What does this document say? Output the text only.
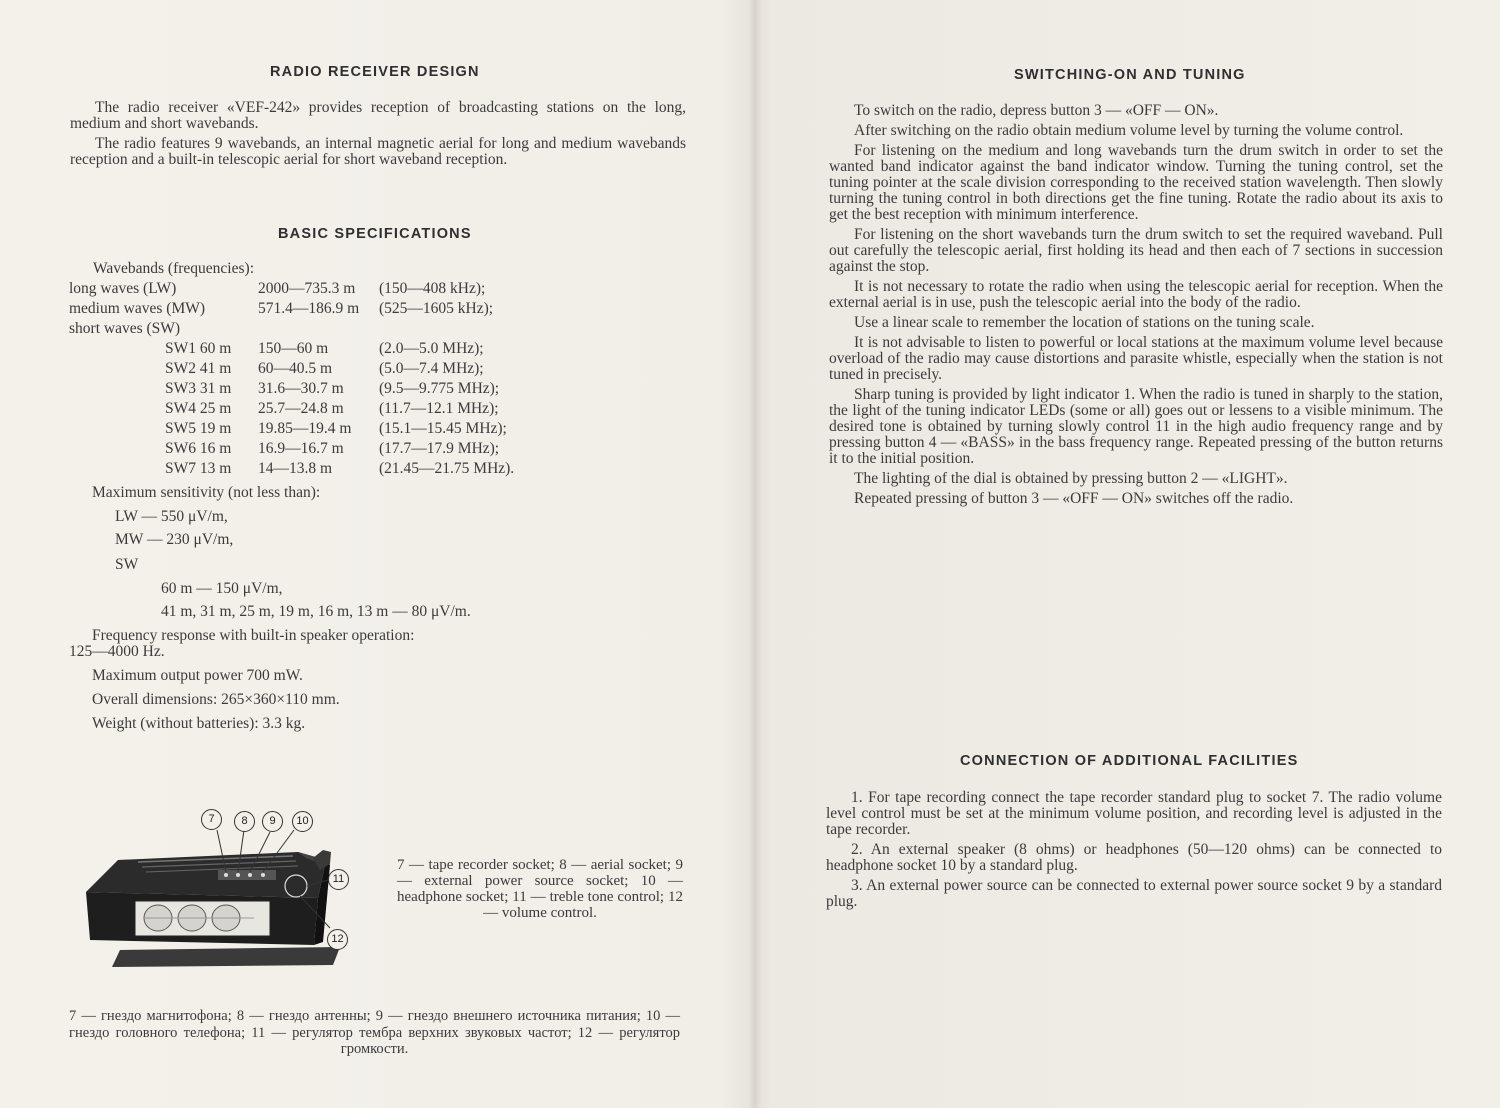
RADIO RECEIVER DESIGN

The radio receiver «VEF-242» provides reception of broadcasting stations on the long, medium and short wavebands.

The radio features 9 wavebands, an internal magnetic aerial for long and medium wavebands reception and a built-in telescopic aerial for short waveband reception.

BASIC SPECIFICATIONS
Wavebands (frequencies):
long waves (LW)	2000—735.3 m (150—408 kHz);
medium waves (MW)	571.4—186.9 m (525—1605 kHz);
short waves (SW)
SW1 60 m 150—60 m	(2.0—5.0 MHz);
SW2 41 m 60—40.5 m	(5.0—7.4 MHz);
SW3 31 m 31.6—30.7 m (9.5—9.775 MHz);
SW4 25 m 25.7—24.8 m (11.7—12.1 MHz);
SW5 19 m 19.85—19.4 m (15.1—15.45 MHz);
SW6 16 m 16.9—16.7 m (17.7—17.9 MHz);
SW7 13 m 14—13.8 m	(21.45—21.75 MHz).
Maximum sensitivity (not less than):
LW — 550 μV/m,
MW — 230 μV/m,
SW
60 m — 150 μV/m,
41 m, 31 m, 25 m, 19 m, 16 m, 13 m — 80 μV/m.
Frequency response with built-in speaker operation:
125—4000 Hz.
Maximum output power 700 mW.
Overall dimensions: 265×360×110 mm.
Weight (without batteries): 3.3 kg.
7	8	9	10
11
12
7 — tape recorder socket; 8 — aerial socket; 9 — external power source socket; 10 — headphone socket; 11 — treble tone control; 12 — volume control.
7 — гнездо магнитофона; 8 — гнездо антенны; 9 — гнездо внешнего источника питания; 10 — гнездо головного телефона; 11 — регулятор тембра верхних звуковых частот; 12 — регулятор громкости.
SWITCHING-ON AND TUNING

To switch on the radio, depress button 3 — «OFF — ON».

After switching on the radio obtain medium volume level by turning the volume control.

For listening on the medium and long wavebands turn the drum switch in order to set the wanted band indicator against the band indicator window. Turning the tuning control, set the tuning pointer at the scale division corresponding to the received station wavelength. Then slowly turning the tuning control in both directions get the fine tuning. Rotate the radio about its axis to get the best reception with minimum interference.

For listening on the short wavebands turn the drum switch to set the required waveband. Pull out carefully the telescopic aerial, first holding its head and then each of 7 sections in succession against the stop.

It is not necessary to rotate the radio when using the telescopic aerial for reception. When the external aerial is in use, push the telescopic aerial into the body of the radio.

Use a linear scale to remember the location of stations on the tuning scale.

It is not advisable to listen to powerful or local stations at the maximum volume level because overload of the radio may cause distortions and parasite whistle, especially when the station is not tuned in precisely.

Sharp tuning is provided by light indicator 1. When the radio is tuned in sharply to the station, the light of the tuning indicator LEDs (some or all) goes out or lessens to a visible minimum. The desired tone is obtained by turning slowly control 11 in the high audio frequency range and by pressing button 4 — «BASS» in the bass frequency range. Repeated pressing of the button returns it to the initial position.

The lighting of the dial is obtained by pressing button 2 — «LIGHT».

Repeated pressing of button 3 — «OFF — ON» switches off the radio.

CONNECTION OF ADDITIONAL FACILITIES

1. For tape recording connect the tape recorder standard plug to socket 7. The radio volume level control must be set at the minimum volume position, and recording level is adjusted in the tape recorder.

2. An external speaker (8 ohms) or headphones (50—120 ohms) can be connected to headphone socket 10 by a standard plug.

3. An external power source can be connected to external power source socket 9 by a standard plug.
